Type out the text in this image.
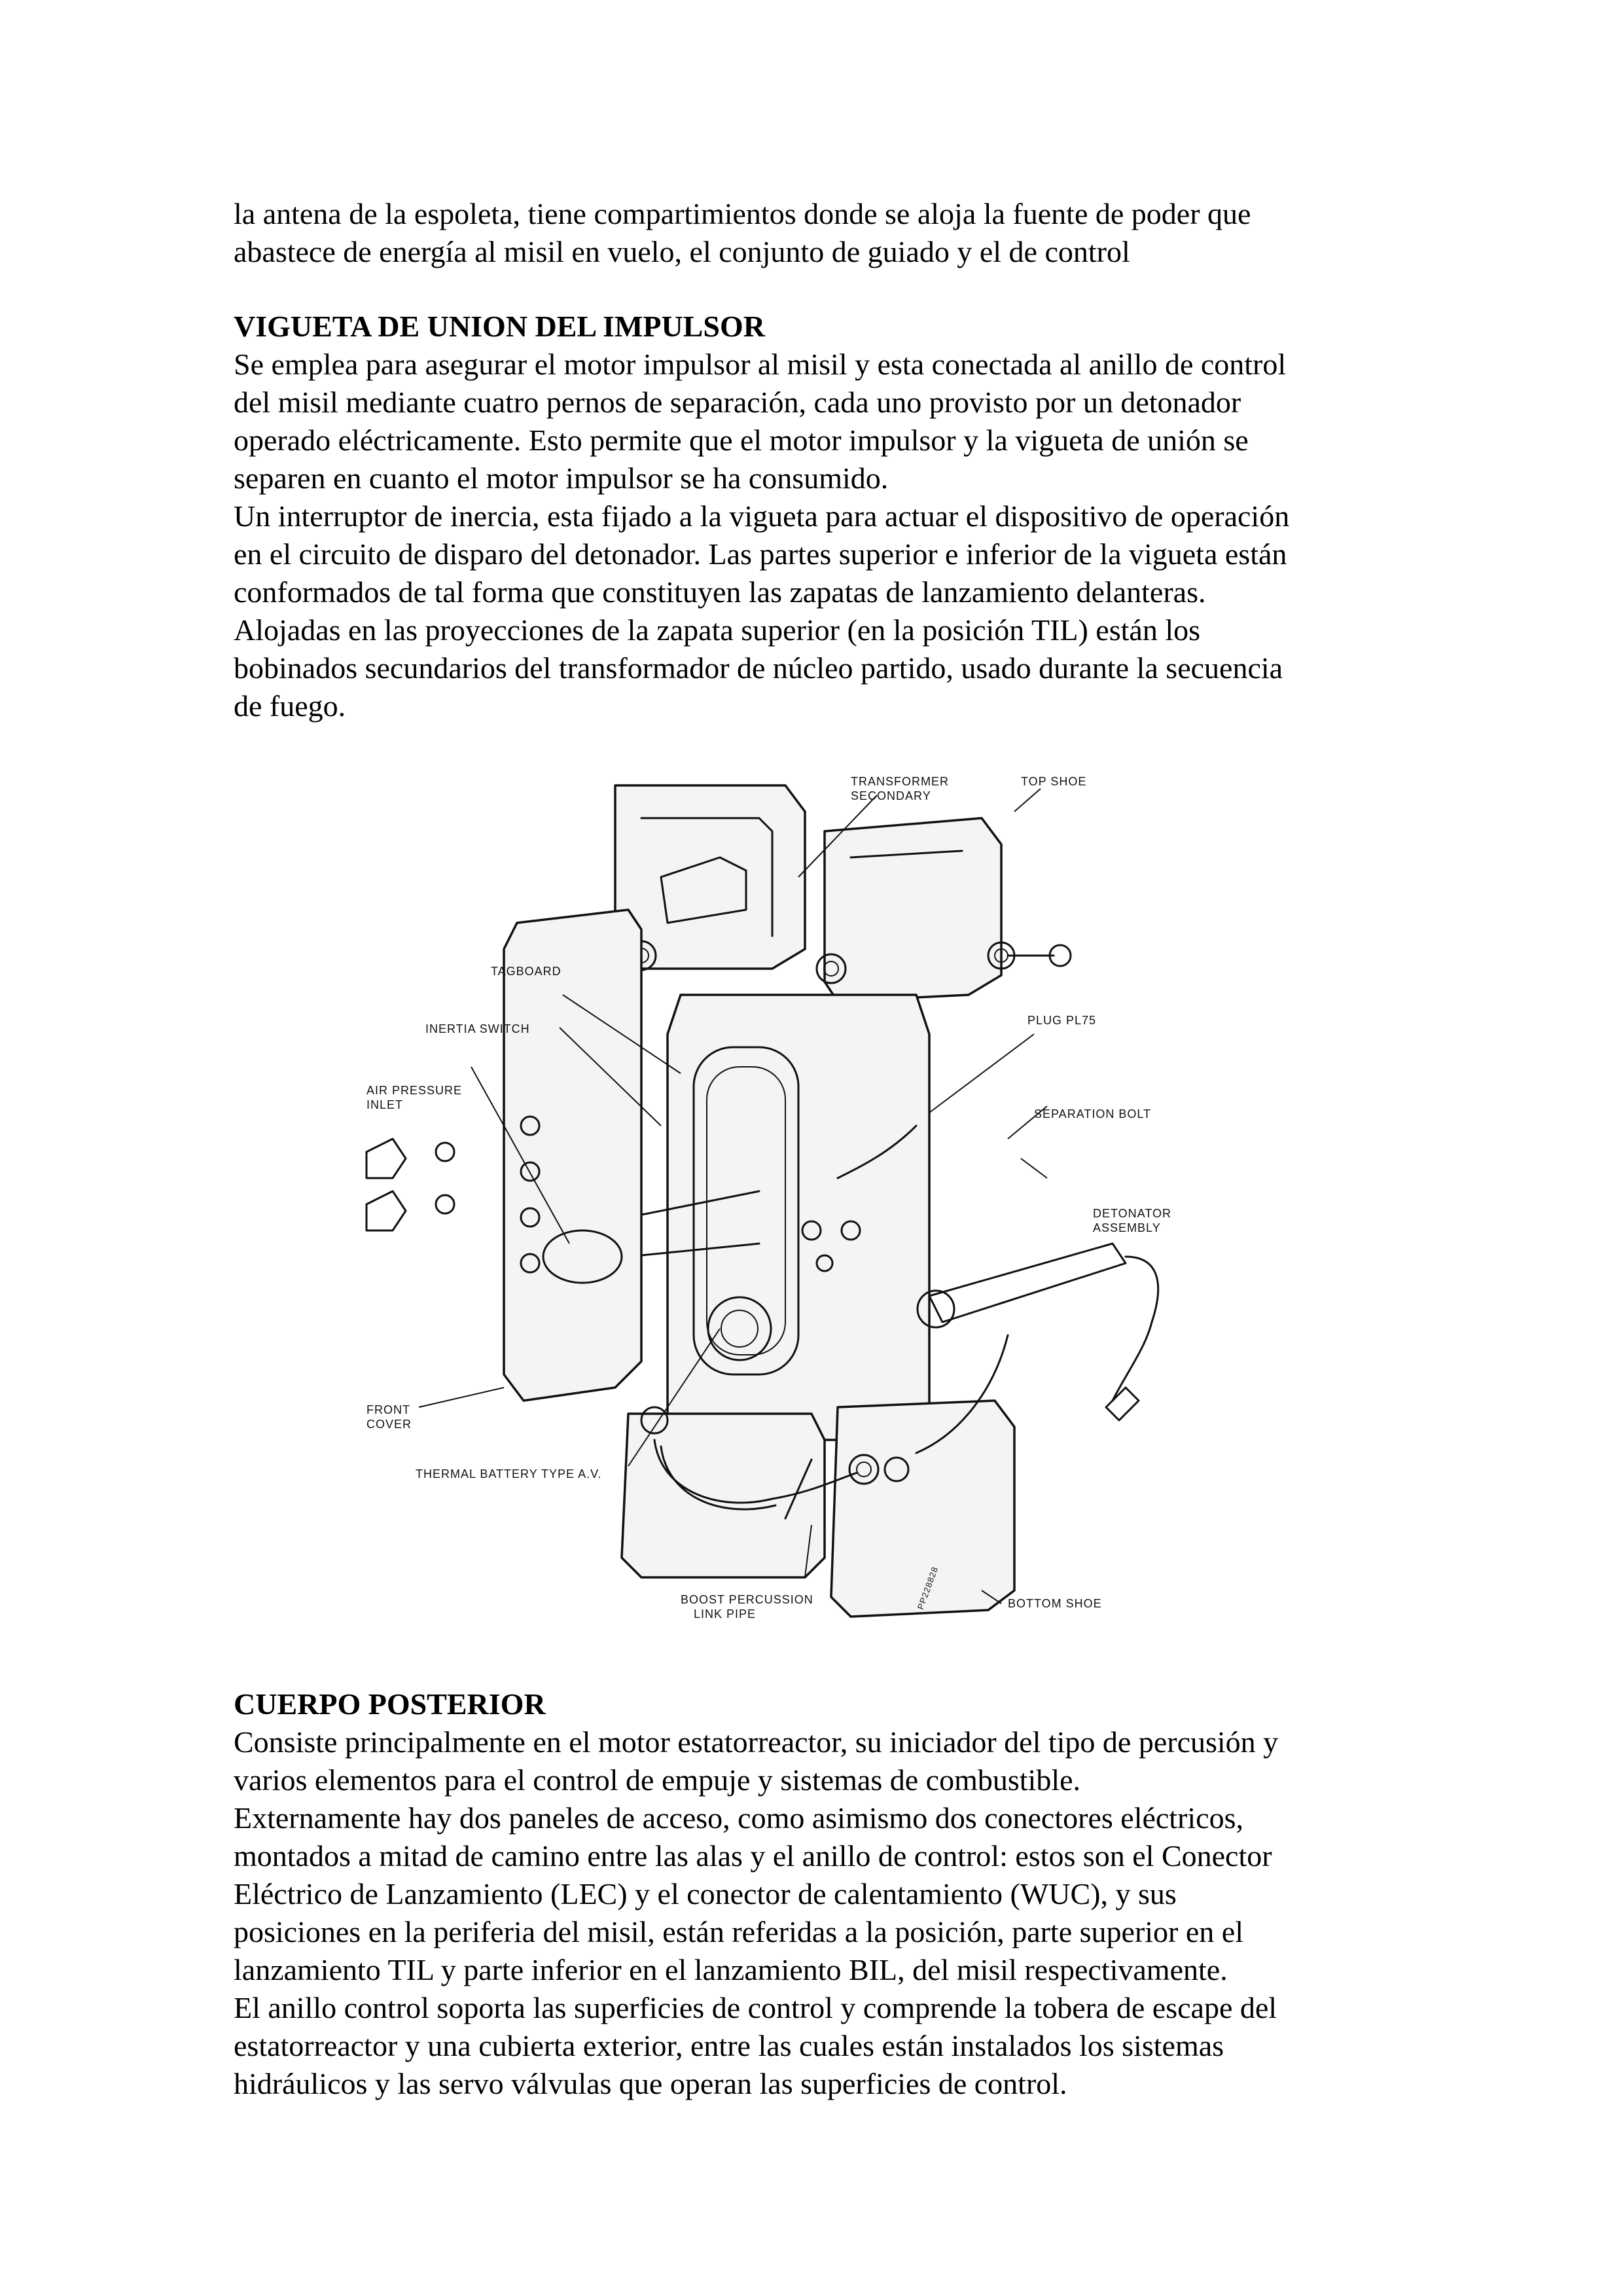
la antena de la espoleta, tiene compartimientos donde se aloja la fuente de poder que

abastece de energía al misil en vuelo, el conjunto de guiado y el de control

VIGUETA DE UNION DEL IMPULSOR

Se emplea para asegurar el motor impulsor al misil y esta conectada al anillo de control

del misil mediante cuatro pernos de separación, cada uno provisto por un detonador

operado eléctricamente. Esto permite que el motor impulsor y la vigueta de unión se

separen en cuanto el motor impulsor se ha consumido.

Un interruptor de inercia, esta fijado a la vigueta para actuar el dispositivo de operación

en el circuito de disparo del detonador. Las partes superior e inferior de la vigueta están

conformados de tal forma que constituyen las zapatas de lanzamiento delanteras.

Alojadas en las proyecciones de la zapata superior (en la posición TIL) están los

bobinados secundarios del transformador de núcleo partido, usado durante la secuencia

de fuego.

TRANSFORMER
SECONDARY
TOP SHOE
TAGBOARD
PLUG PL75
INERTIA SWITCH
AIR PRESSURE
INLET
SEPARATION BOLT
DETONATOR
ASSEMBLY
FRONT
COVER
THERMAL BATTERY TYPE A.V.
BOOST PERCUSSION
LINK PIPE
BOTTOM SHOE
PP228828
CUERPO POSTERIOR

Consiste principalmente en el motor estatorreactor, su iniciador del tipo de percusión y

varios elementos para el control de empuje y sistemas de combustible.

Externamente hay dos paneles de acceso, como asimismo dos conectores eléctricos,

montados a mitad de camino entre las alas y el anillo de control: estos son el Conector

Eléctrico de Lanzamiento (LEC) y el conector de calentamiento (WUC), y sus

posiciones en la periferia del misil, están referidas a la posición, parte superior en el

lanzamiento TIL y parte inferior en el lanzamiento BIL, del misil respectivamente.

El anillo control soporta las superficies de control y comprende la tobera de escape del

estatorreactor y una cubierta exterior, entre las cuales están instalados los sistemas

hidráulicos y las servo válvulas que operan las superficies de control.
